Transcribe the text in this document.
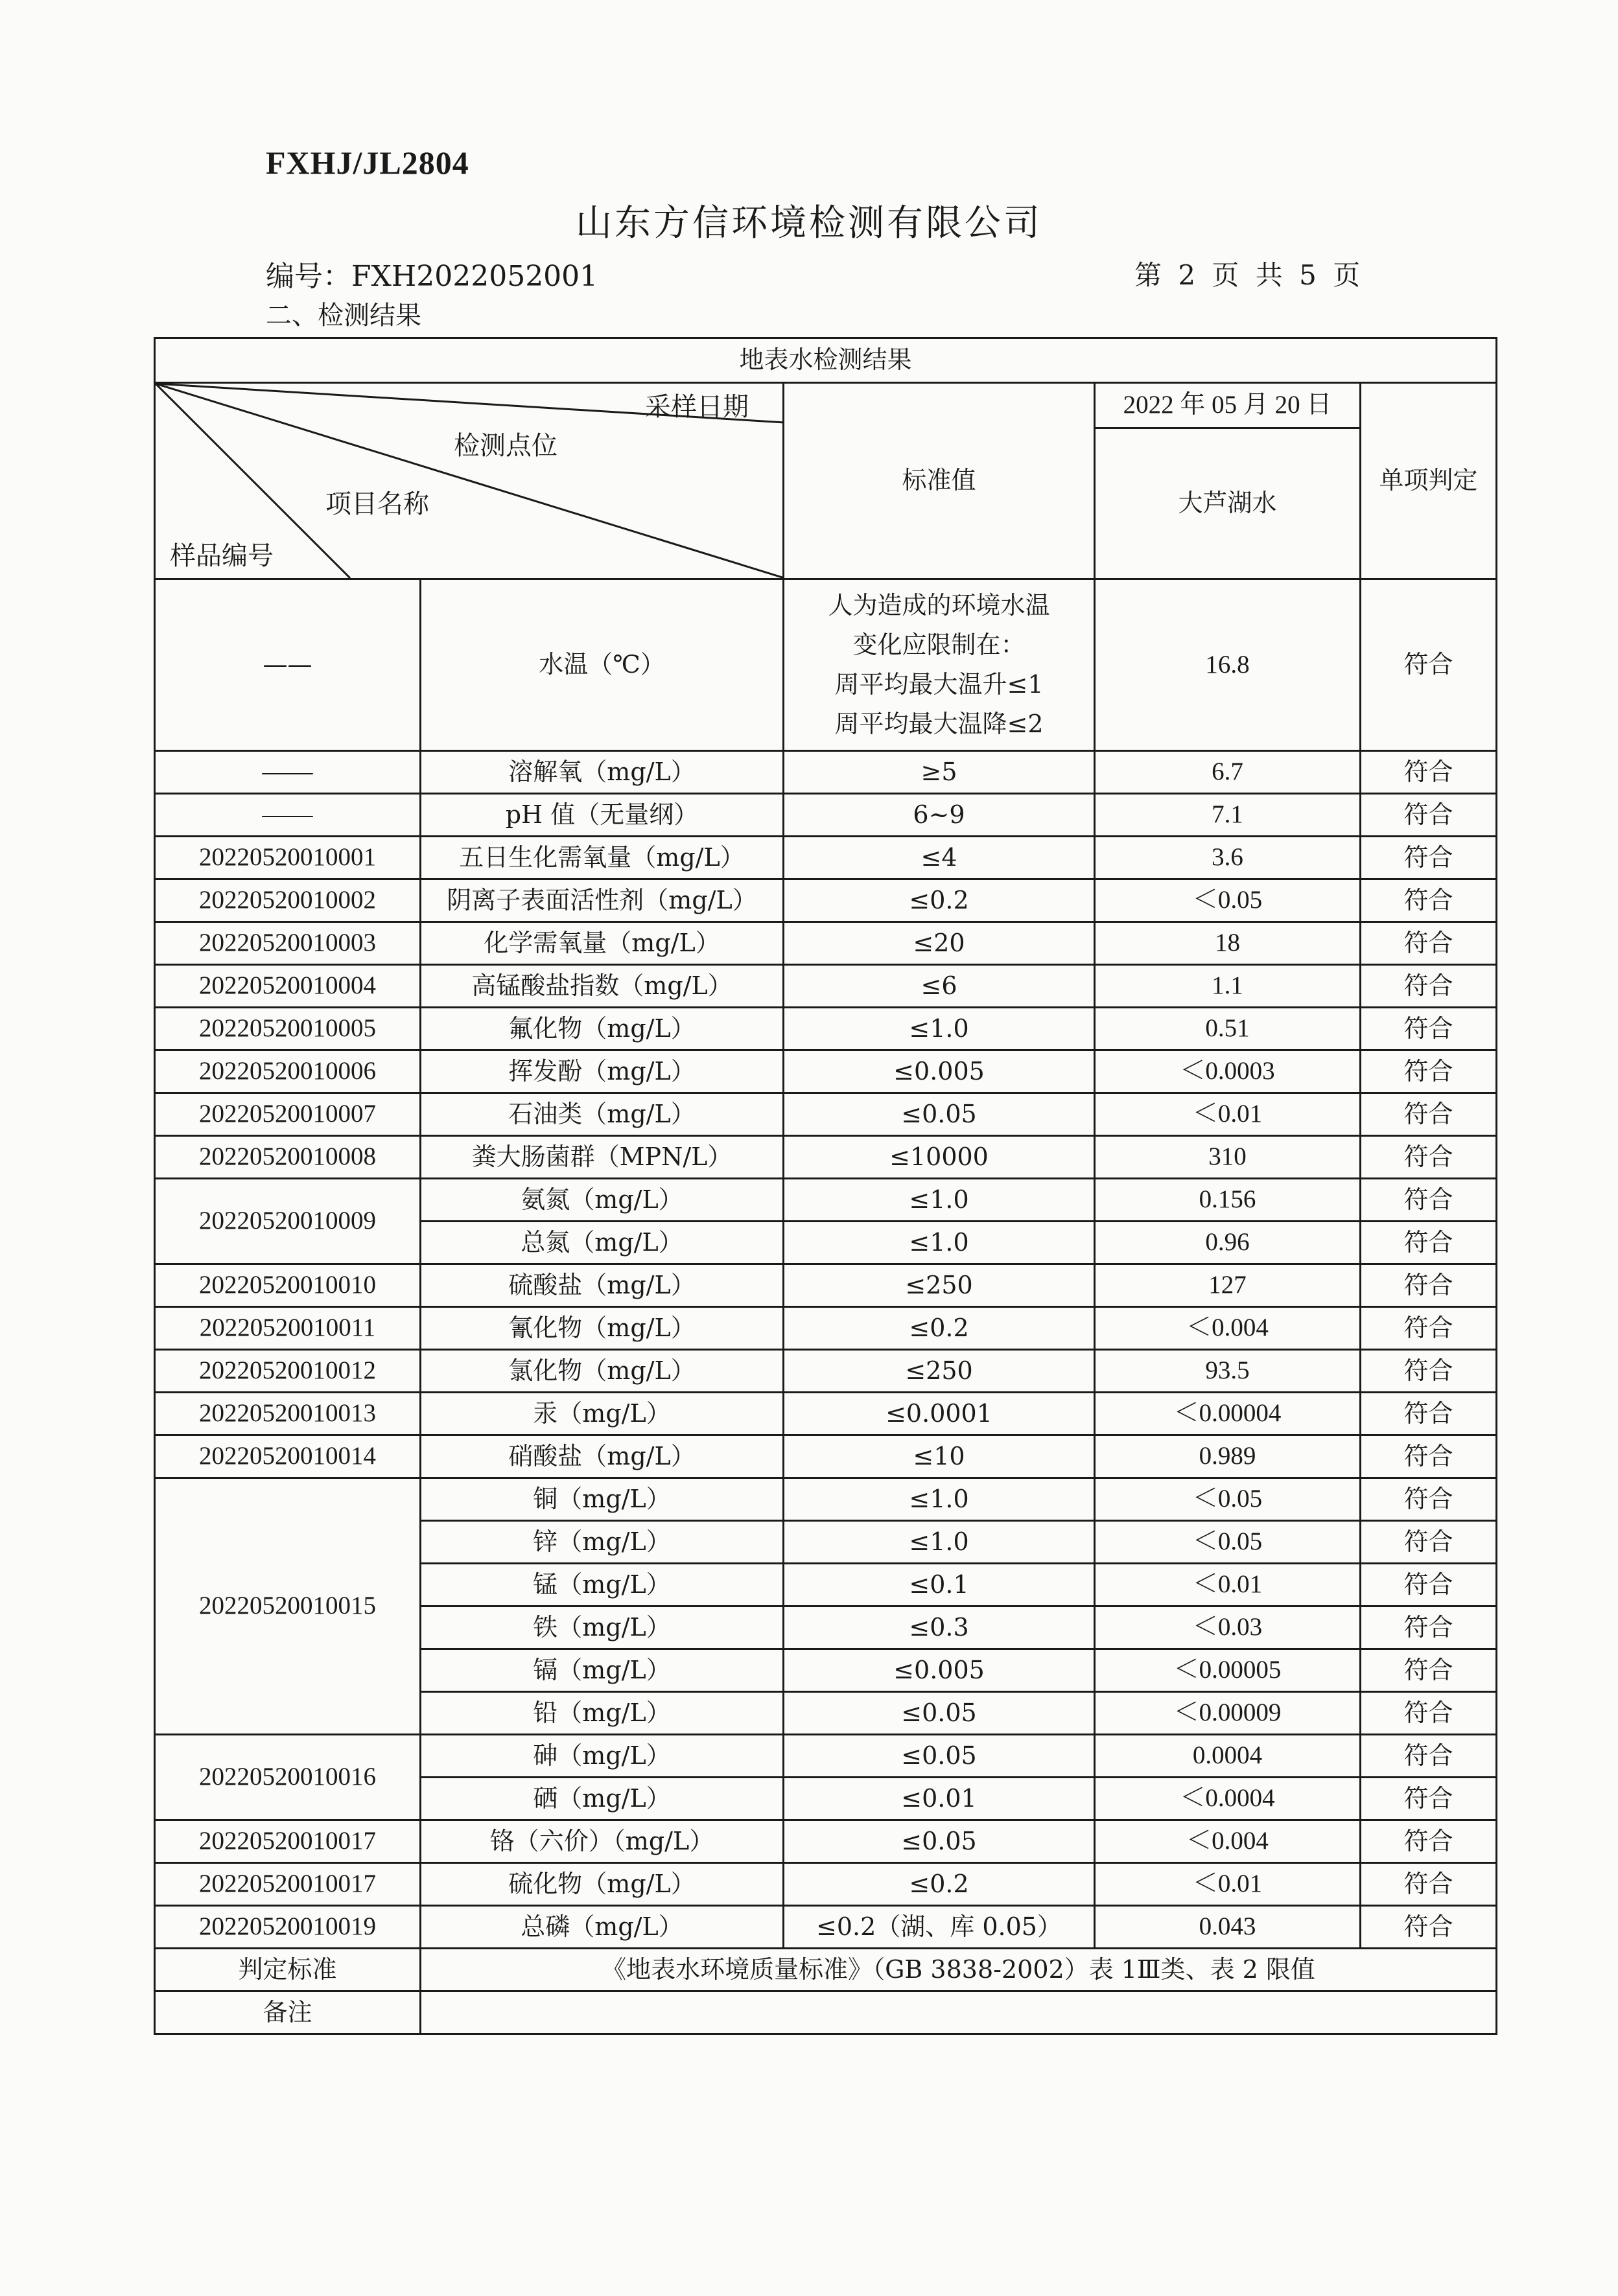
FXHJ/JL2804
山东方信环境检测有限公司
编号：FXH2022052001	第 2 页 共 5 页
二、检测结果
地表水检测结果				

采样日期
检测点位
项目名称
样品编号		标准值	2022 年 05 月 20 日	单项判定
			大芦湖水	
——	水温（℃）	人为造成的环境水温
变化应限制在：
周平均最大温升≤1
周平均最大温降≤2	16.8	符合
——	溶解氧（mg/L）	≥5	6.7	符合
——	pH 值（无量纲）	6~9	7.1	符合
20220520010001	五日生化需氧量（mg/L）	≤4	3.6	符合
20220520010002	阴离子表面活性剂（mg/L）	≤0.2	＜0.05	符合
20220520010003	化学需氧量（mg/L）	≤20	18	符合
20220520010004	高锰酸盐指数（mg/L）	≤6	1.1	符合
20220520010005	氟化物（mg/L）	≤1.0	0.51	符合
20220520010006	挥发酚（mg/L）	≤0.005	＜0.0003	符合
20220520010007	石油类（mg/L）	≤0.05	＜0.01	符合
20220520010008	粪大肠菌群（MPN/L）	≤10000	310	符合
20220520010009	氨氮（mg/L）	≤1.0	0.156	符合
	总氮（mg/L）	≤1.0	0.96	符合
20220520010010	硫酸盐（mg/L）	≤250	127	符合
20220520010011	氰化物（mg/L）	≤0.2	＜0.004	符合
20220520010012	氯化物（mg/L）	≤250	93.5	符合
20220520010013	汞（mg/L）	≤0.0001	＜0.00004	符合
20220520010014	硝酸盐（mg/L）	≤10	0.989	符合
20220520010015	铜（mg/L）	≤1.0	＜0.05	符合
	锌（mg/L）	≤1.0	＜0.05	符合
	锰（mg/L）	≤0.1	＜0.01	符合
	铁（mg/L）	≤0.3	＜0.03	符合
	镉（mg/L）	≤0.005	＜0.00005	符合
	铅（mg/L）	≤0.05	＜0.00009	符合
20220520010016	砷（mg/L）	≤0.05	0.0004	符合
	硒（mg/L）	≤0.01	＜0.0004	符合
20220520010017	铬（六价）（mg/L）	≤0.05	＜0.004	符合
20220520010017	硫化物（mg/L）	≤0.2	＜0.01	符合
20220520010019	总磷（mg/L）	≤0.2（湖、库 0.05）	0.043	符合
判定标准	《地表水环境质量标准》（GB 3838-2002）表 1Ⅲ类、表 2 限值			
备注				
